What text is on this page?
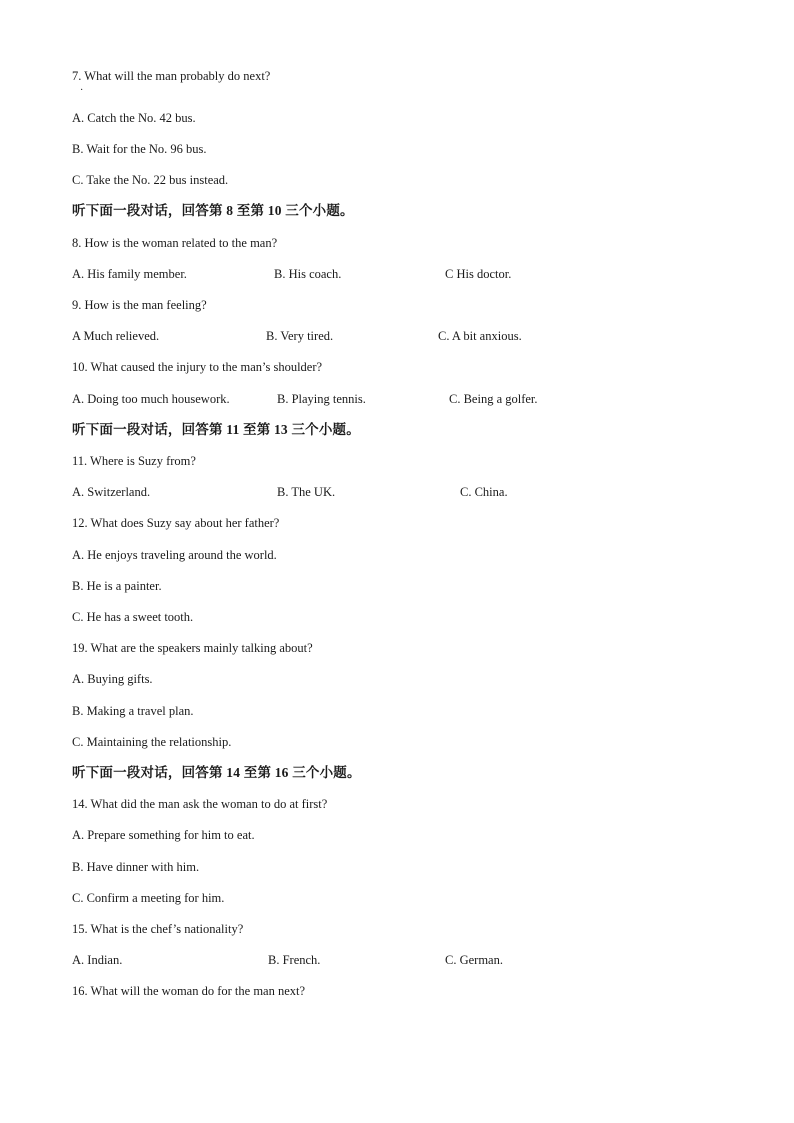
7. What will the man probably do next?
·
A. Catch the No. 42 bus.
B. Wait for the No. 96 bus.
C. Take the No. 22 bus instead.
听下面一段对话，回答第 8 至第 10 三个小题。
8. How is the woman related to the man?
A. His family member.	B. His coach.	C His doctor.
9. How is the man feeling?
A Much relieved.	B. Very tired.	C. A bit anxious.
10. What caused the injury to the man’s shoulder?
A. Doing too much housework.	B. Playing tennis.	C. Being a golfer.
听下面一段对话，回答第 11 至第 13 三个小题。
11. Where is Suzy from?
A. Switzerland.	B. The UK.	C. China.
12. What does Suzy say about her father?
A. He enjoys traveling around the world.
B. He is a painter.
C. He has a sweet tooth.
19. What are the speakers mainly talking about?
A. Buying gifts.
B. Making a travel plan.
C. Maintaining the relationship.
听下面一段对话，回答第 14 至第 16 三个小题。
14. What did the man ask the woman to do at first?
A. Prepare something for him to eat.
B. Have dinner with him.
C. Confirm a meeting for him.
15. What is the chef’s nationality?
A. Indian.	B. French.	C. German.
16. What will the woman do for the man next?
